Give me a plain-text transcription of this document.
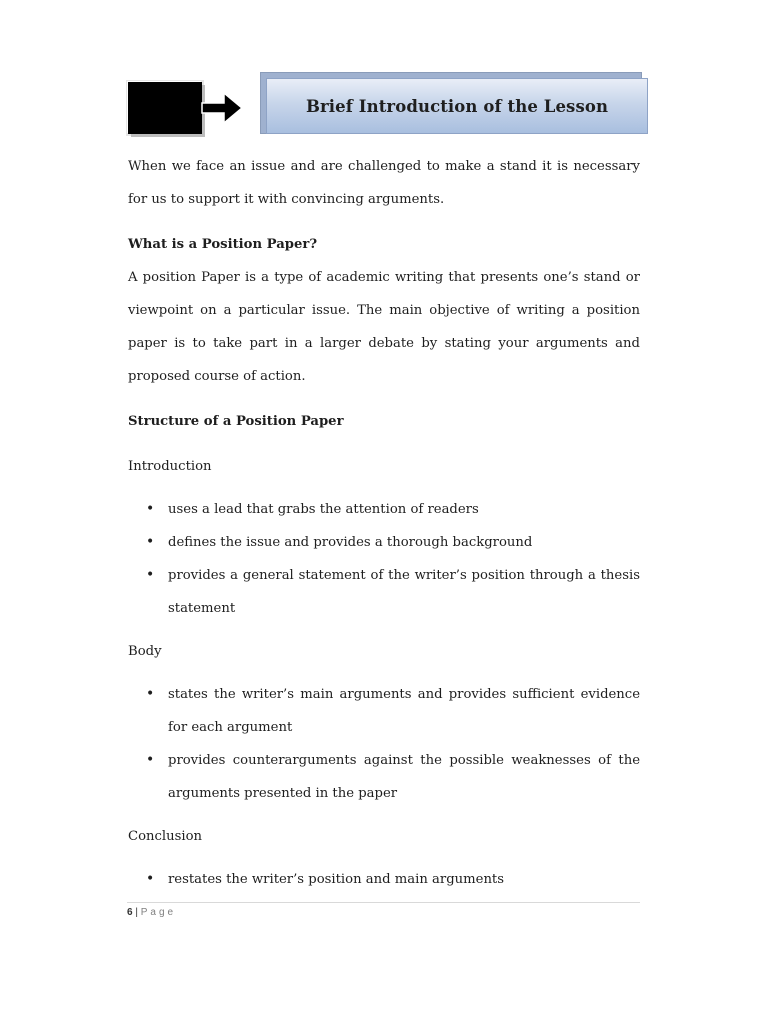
Brief Introduction of the Lesson

When we face an issue and are challenged to make a stand it is necessary for us to support it with convincing arguments.

What is a Position Paper?

A position Paper is a type of academic writing that presents one’s stand or viewpoint on a particular issue. The main objective of writing a position paper is to take part in a larger debate by stating your arguments and proposed course of action.

Structure of a Position Paper

Introduction

• uses a lead that grabs the attention of readers
• defines the issue and provides a thorough background
• provides a general statement of the writer’s position through a thesis statement

Body

• states the writer’s main arguments and provides sufficient evidence for each argument
• provides counterarguments against the possible weaknesses of the arguments presented in the paper

Conclusion

• restates the writer’s position and main arguments
6 | Page
